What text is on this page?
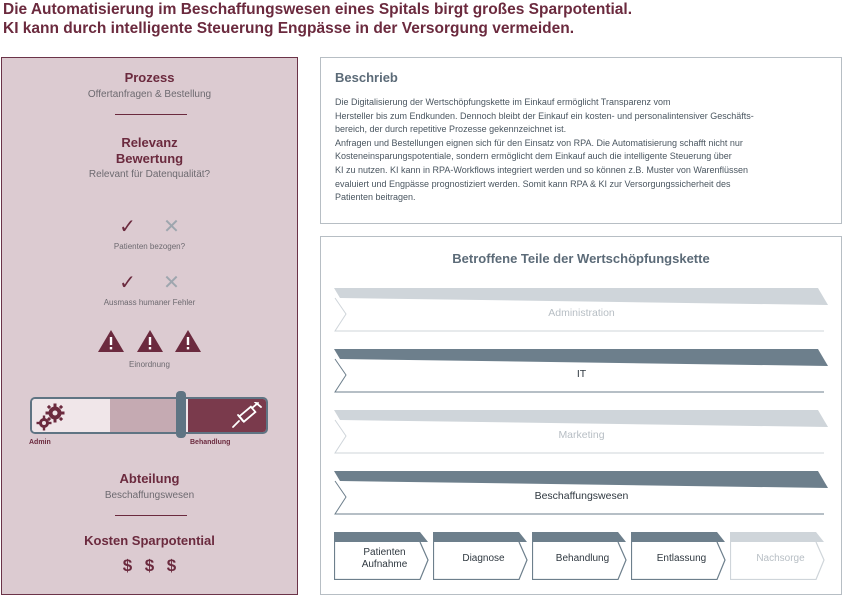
Die Automatisierung im Beschaffungswesen eines Spitals birgt großes Sparpotential.
KI kann durch intelligente Steuerung Engpässe in der Versorgung vermeiden.
Prozess
Offertanfragen & Bestellung
Relevanz
Bewertung
Relevant für Datenqualität?
✓ ✕
Patienten bezogen?
✓ ✕
Ausmass humaner Fehler

Einordnung
Admin	Behandlung
Abteilung
Beschaffungswesen
Kosten Sparpotential
$ $ $
Beschrieb
Die Digitalisierung der Wertschöpfungskette im Einkauf ermöglicht Transparenz vom
Hersteller bis zum Endkunden. Dennoch bleibt der Einkauf ein kosten- und personalintensiver Geschäfts-
bereich, der durch repetitive Prozesse gekennzeichnet ist.
Anfragen und Bestellungen eignen sich für den Einsatz von RPA. Die Automatisierung schafft nicht nur
Kosteneinsparungspotentiale, sondern ermöglicht dem Einkauf auch die intelligente Steuerung über
KI zu nutzen. KI kann in RPA-Workflows integriert werden und so können z.B. Muster von Warenflüssen
evaluiert und Engpässe prognostiziert werden. Somit kann RPA & KI zur Versorgungssicherheit des
Patienten beitragen.
Betroffene Teile der Wertschöpfungskette
Administration
IT
Marketing
Beschaffungswesen
Patienten Aufnahme
Diagnose	Behandlung	Entlassung	Nachsorge
